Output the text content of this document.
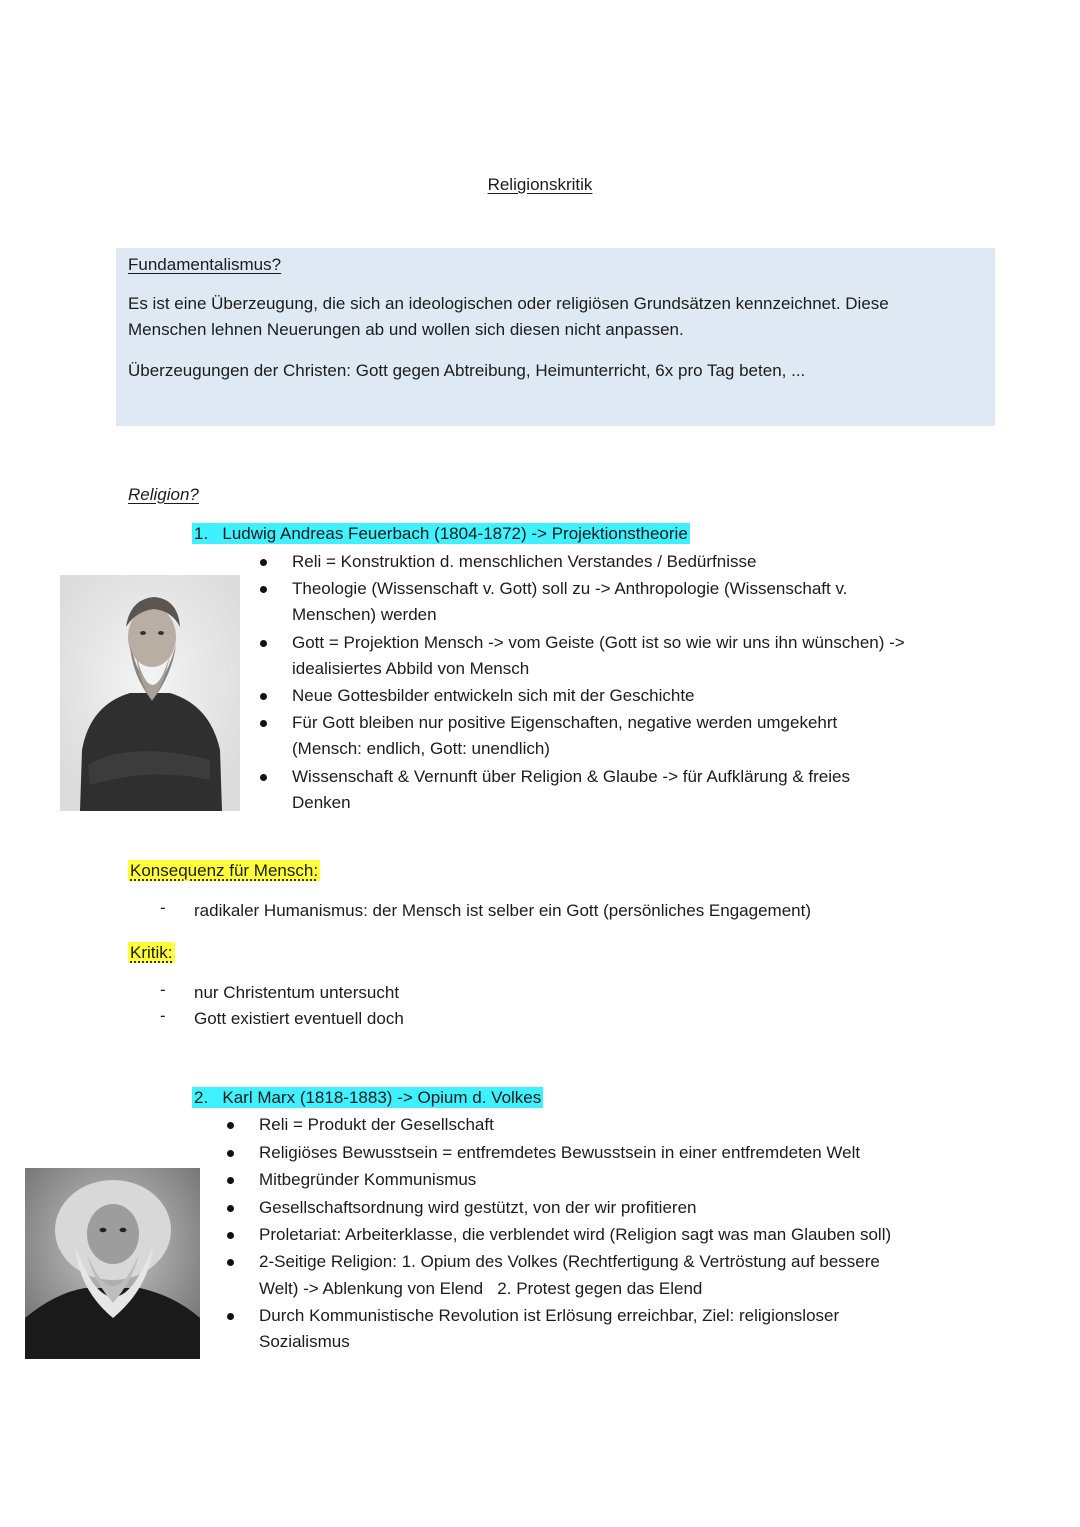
Religionskritik
Fundamentalismus?
Es ist eine Überzeugung, die sich an ideologischen oder religiösen Grundsätzen kennzeichnet. Diese
Menschen lehnen Neuerungen ab und wollen sich diesen nicht anpassen.
Überzeugungen der Christen: Gott gegen Abtreibung, Heimunterricht, 6x pro Tag beten, ...
Religion?
1. Ludwig Andreas Feuerbach (1804-1872) -> Projektionstheorie
Reli = Konstruktion d. menschlichen Verstandes / Bedürfnisse
Theologie (Wissenschaft v. Gott) soll zu -> Anthropologie (Wissenschaft v.
Menschen) werden
Gott = Projektion Mensch -> vom Geiste (Gott ist so wie wir uns ihn wünschen) ->
idealisiertes Abbild von Mensch
Neue Gottesbilder entwickeln sich mit der Geschichte
Für Gott bleiben nur positive Eigenschaften, negative werden umgekehrt
(Mensch: endlich, Gott: unendlich)
Wissenschaft & Vernunft über Religion & Glaube -> für Aufklärung & freies
Denken
Konsequenz für Mensch:
- radikaler Humanismus: der Mensch ist selber ein Gott (persönliches Engagement)
Kritik:
- nur Christentum untersucht
- Gott existiert eventuell doch
2. Karl Marx (1818-1883) -> Opium d. Volkes
Reli = Produkt der Gesellschaft
Religiöses Bewusstsein = entfremdetes Bewusstsein in einer entfremdeten Welt
Mitbegründer Kommunismus
Gesellschaftsordnung wird gestützt, von der wir profitieren
Proletariat: Arbeiterklasse, die verblendet wird (Religion sagt was man Glauben soll)
2-Seitige Religion: 1. Opium des Volkes (Rechtfertigung & Vertröstung auf bessere
Welt) -> Ablenkung von Elend   2. Protest gegen das Elend
Durch Kommunistische Revolution ist Erlösung erreichbar, Ziel: religionsloser
Sozialismus
